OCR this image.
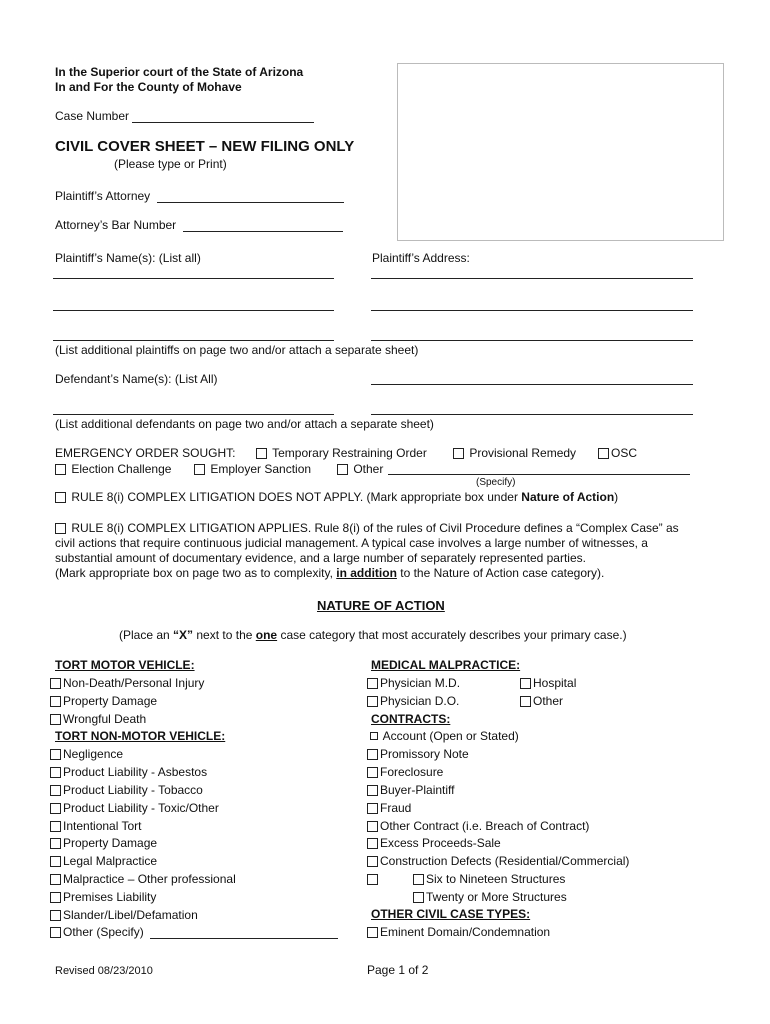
In the Superior court of the State of Arizona
In and For the County of Mohave
Case Number
CIVIL COVER SHEET – NEW FILING ONLY
(Please type or Print)
Plaintiff’s Attorney
Attorney’s Bar Number
Plaintiff’s Name(s): (List all)	Plaintiff’s Address:
(List additional plaintiffs on page two and/or attach a separate sheet)
Defendant’s Name(s): (List All)
(List additional defendants on page two and/or attach a separate sheet)
EMERGENCY ORDER SOUGHT:	Temporary Restraining Order	Provisional Remedy	OSC
Election Challenge	Employer Sanction	Other
(Specify)
RULE 8(i) COMPLEX LITIGATION DOES NOT APPLY. (Mark appropriate box under Nature of Action)
RULE 8(i) COMPLEX LITIGATION APPLIES. Rule 8(i) of the rules of Civil Procedure defines a “Complex Case” as
civil actions that require continuous judicial management. A typical case involves a large number of witnesses, a
substantial amount of documentary evidence, and a large number of separately represented parties.
(Mark appropriate box on page two as to complexity, in addition to the Nature of Action case category).
NATURE OF ACTION
(Place an “X” next to the one case category that most accurately describes your primary case.)
TORT MOTOR VEHICLE:
Non-Death/Personal Injury
Property Damage
Wrongful Death
TORT NON-MOTOR VEHICLE:
Negligence
Product Liability - Asbestos
Product Liability - Tobacco
Product Liability - Toxic/Other
Intentional Tort
Property Damage
Legal Malpractice
Malpractice – Other professional
Premises Liability
Slander/Libel/Defamation
Other (Specify)
MEDICAL MALPRACTICE:
Physician M.D.	Hospital
Physician D.O.	Other
CONTRACTS:
Account (Open or Stated)
Promissory Note
Foreclosure
Buyer-Plaintiff
Fraud
Other Contract (i.e. Breach of Contract)
Excess Proceeds-Sale
Construction Defects (Residential/Commercial)
Six to Nineteen Structures
Twenty or More Structures
OTHER CIVIL CASE TYPES:
Eminent Domain/Condemnation
Revised 08/23/2010	Page 1 of 2
